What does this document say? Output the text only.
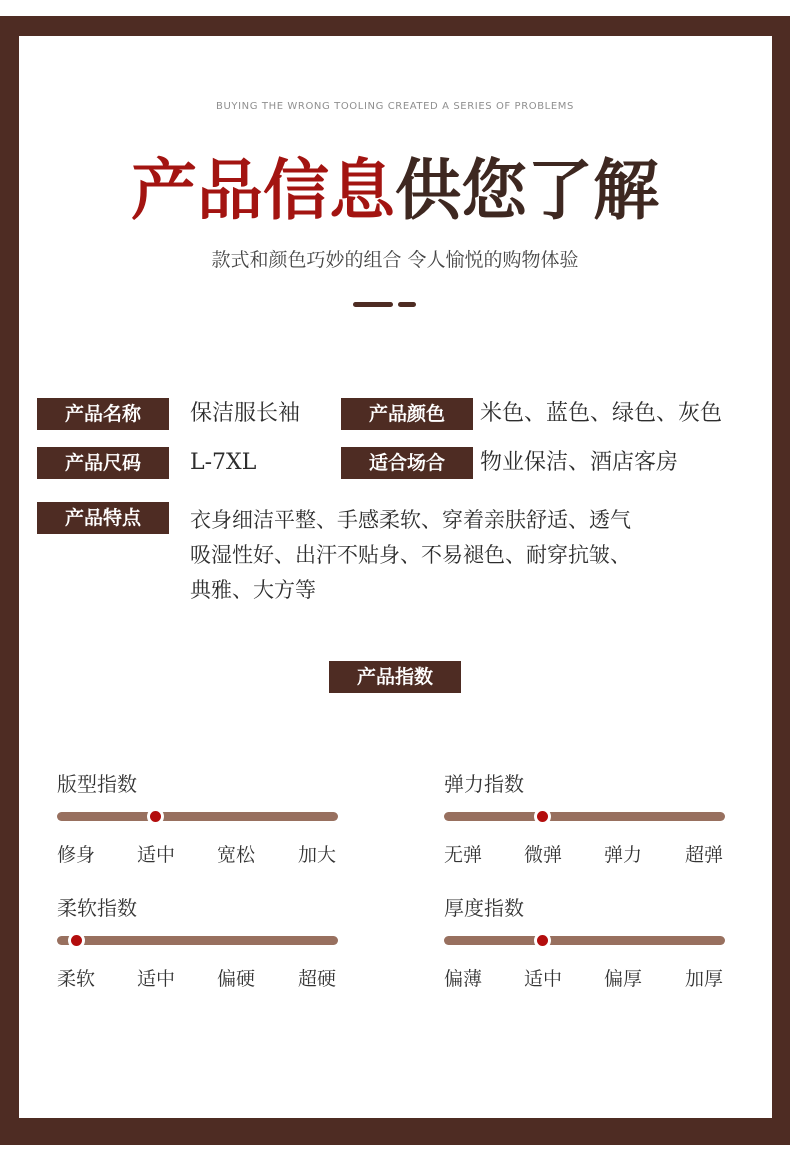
BUYING THE WRONG TOOLING CREATED A SERIES OF PROBLEMS
产品信息供您了解
款式和颜色巧妙的组合 令人愉悦的购物体验
产品名称	保洁服长袖	产品颜色	米色、蓝色、绿色、灰色
产品尺码	L-7XL	适合场合	物业保洁、酒店客房
产品特点	衣身细洁平整、手感柔软、穿着亲肤舒适、透气
吸湿性好、出汗不贴身、不易褪色、耐穿抗皱、
典雅、大方等
产品指数
版型指数
修身 适中 宽松 加大
弹力指数
无弹 微弹 弹力 超弹
柔软指数
柔软 适中 偏硬 超硬
厚度指数
偏薄 适中 偏厚 加厚
